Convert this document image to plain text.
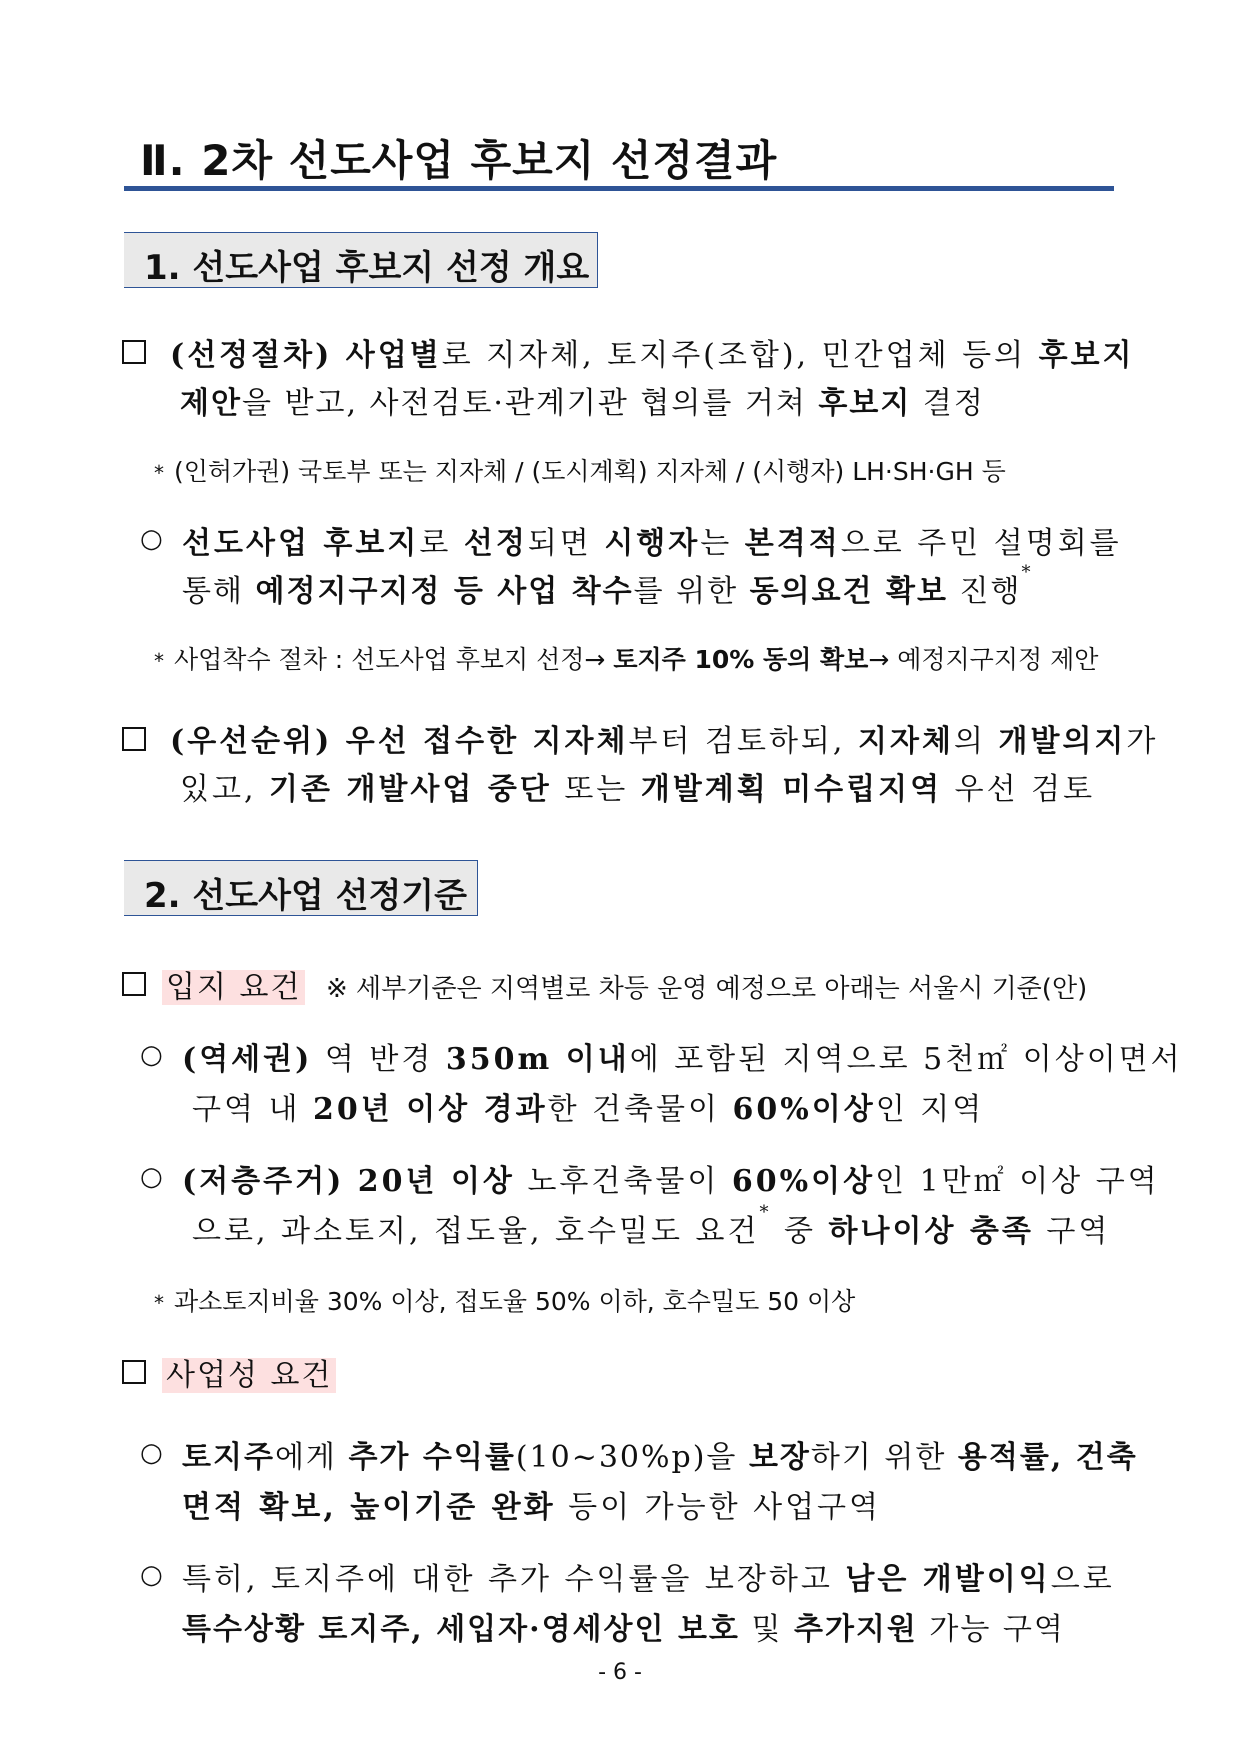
Ⅱ. 2차 선도사업 후보지 선정결과
1. 선도사업 후보지 선정 개요
(선정절차) 사업별로 지자체, 토지주(조합), 민간업체 등의 후보지
제안을 받고, 사전검토·관계기관 협의를 거쳐 후보지 결정
* (인허가권) 국토부 또는 지자체 / (도시계획) 지자체 / (시행자) LH·SH·GH 등
○ 선도사업 후보지로 선정되면 시행자는 본격적으로 주민 설명회를
통해 예정지구지정 등 사업 착수를 위한 동의요건 확보 진행*
* 사업착수 절차 : 선도사업 후보지 선정→ 토지주 10% 동의 확보→ 예정지구지정 제안
(우선순위) 우선 접수한 지자체부터 검토하되, 지자체의 개발의지가
있고, 기존 개발사업 중단 또는 개발계획 미수립지역 우선 검토
2. 선도사업 선정기준
입지 요건 ※ 세부기준은 지역별로 차등 운영 예정으로 아래는 서울시 기준(안)
○ (역세권) 역 반경 350m 이내에 포함된 지역으로 5천㎡ 이상이면서
구역 내 20년 이상 경과한 건축물이 60%이상인 지역
○ (저층주거) 20년 이상 노후건축물이 60%이상인 1만㎡ 이상 구역
으로, 과소토지, 접도율, 호수밀도 요건* 중 하나이상 충족 구역
* 과소토지비율 30% 이상, 접도율 50% 이하, 호수밀도 50 이상
사업성 요건
○ 토지주에게 추가 수익률(10~30%p)을 보장하기 위한 용적률, 건축
면적 확보, 높이기준 완화 등이 가능한 사업구역
○ 특히, 토지주에 대한 추가 수익률을 보장하고 남은 개발이익으로
특수상황 토지주, 세입자·영세상인 보호 및 추가지원 가능 구역
- 6 -
